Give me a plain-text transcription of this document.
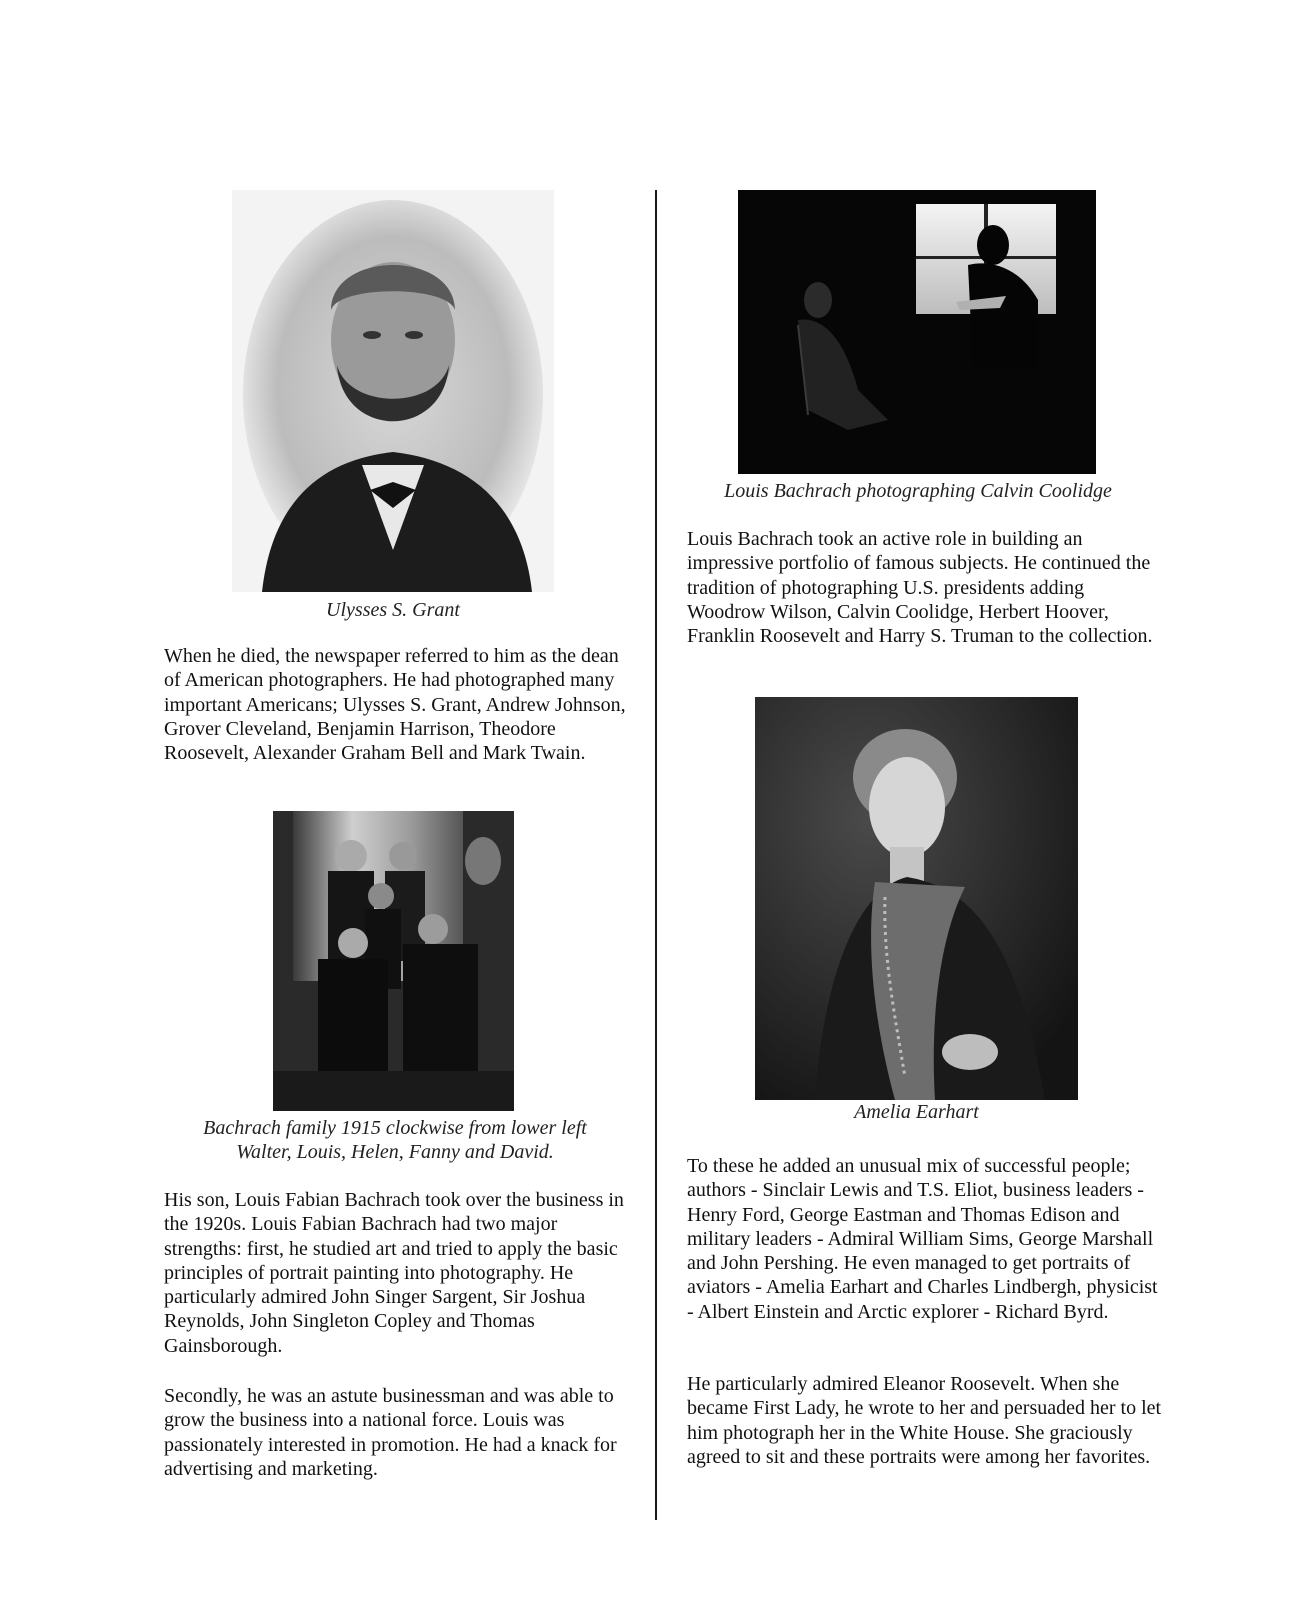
Ulysses S. Grant

When he died, the newspaper referred to him as the dean of American photographers. He had photographed many important Americans; Ulysses S. Grant, Andrew Johnson, Grover Cleveland, Benjamin Harrison, Theodore Roosevelt, Alexander Graham Bell and Mark Twain.

Bachrach family 1915 clockwise from lower left
Walter, Louis, Helen, Fanny and David.

His son, Louis Fabian Bachrach took over the business in the 1920s. Louis Fabian Bachrach had two major strengths: first, he studied art and tried to apply the basic principles of portrait painting into photography. He particularly admired John Singer Sargent, Sir Joshua Reynolds, John Singleton Copley and Thomas Gainsborough.

Secondly, he was an astute businessman and was able to grow the business into a national force. Louis was passionately interested in promotion. He had a knack for advertising and marketing.

Louis Bachrach photographing Calvin Coolidge

Louis Bachrach took an active role in building an impressive portfolio of famous subjects. He continued the tradition of photographing U.S. presidents adding Woodrow Wilson, Calvin Coolidge, Herbert Hoover, Franklin Roosevelt and Harry S. Truman to the collection.

Amelia Earhart

To these he added an unusual mix of successful people; authors - Sinclair Lewis and T.S. Eliot, business leaders - Henry Ford, George Eastman and Thomas Edison and military leaders - Admiral William Sims, George Marshall and John Pershing. He even managed to get portraits of aviators - Amelia Earhart and Charles Lindbergh, physicist - Albert Einstein and Arctic explorer - Richard Byrd.

He particularly admired Eleanor Roosevelt. When she became First Lady, he wrote to her and persuaded her to let him photograph her in the White House. She graciously agreed to sit and these portraits were among her favorites.
